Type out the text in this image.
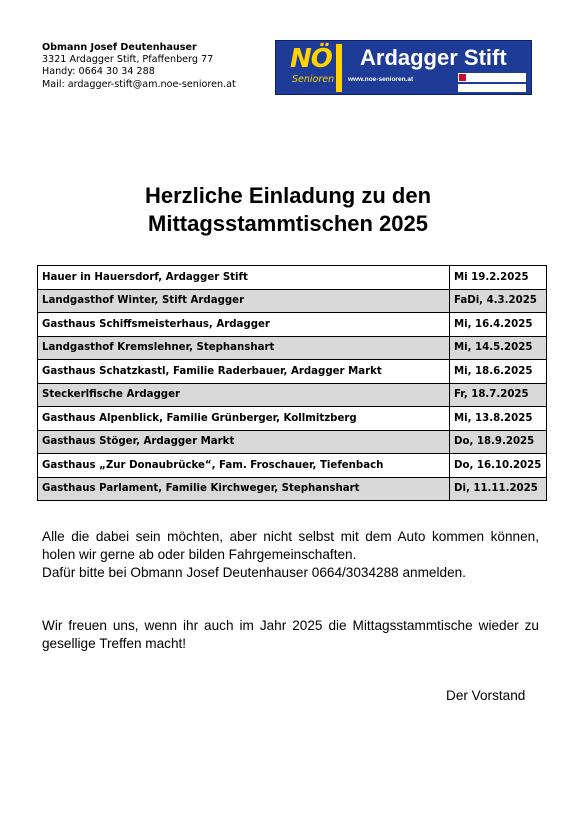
Obmann Josef Deutenhauser
3321 Ardagger Stift, Pfaffenberg 77
Handy: 0664 30 34 288
Mail: ardagger-stift@am.noe-senioren.at
NÖ
Senioren
Ardagger Stift
www.noe-senioren.at
Herzliche Einladung zu den
Mittagsstammtischen 2025
Hauer in Hauersdorf, Ardagger Stift	Mi 19.2.2025
Landgasthof Winter, Stift Ardagger	FaDi, 4.3.2025
Gasthaus Schiffsmeisterhaus, Ardagger	Mi, 16.4.2025
Landgasthof Kremslehner, Stephanshart	Mi, 14.5.2025
Gasthaus Schatzkastl, Familie Raderbauer, Ardagger Markt	Mi, 18.6.2025
Steckerlfische Ardagger	Fr, 18.7.2025
Gasthaus Alpenblick, Familie Grünberger, Kollmitzberg	Mi, 13.8.2025
Gasthaus Stöger, Ardagger Markt	Do, 18.9.2025
Gasthaus „Zur Donaubrücke“, Fam. Froschauer, Tiefenbach	Do, 16.10.2025
Gasthaus Parlament, Familie Kirchweger, Stephanshart	Di, 11.11.2025
Alle die dabei sein möchten, aber nicht selbst mit dem Auto kommen können, holen wir gerne ab oder bilden Fahrgemeinschaften.
Dafür bitte bei Obmann Josef Deutenhauser 0664/3034288 anmelden.
Wir freuen uns, wenn ihr auch im Jahr 2025 die Mittagsstammtische wieder zu gesellige Treffen macht!
Der Vorstand
